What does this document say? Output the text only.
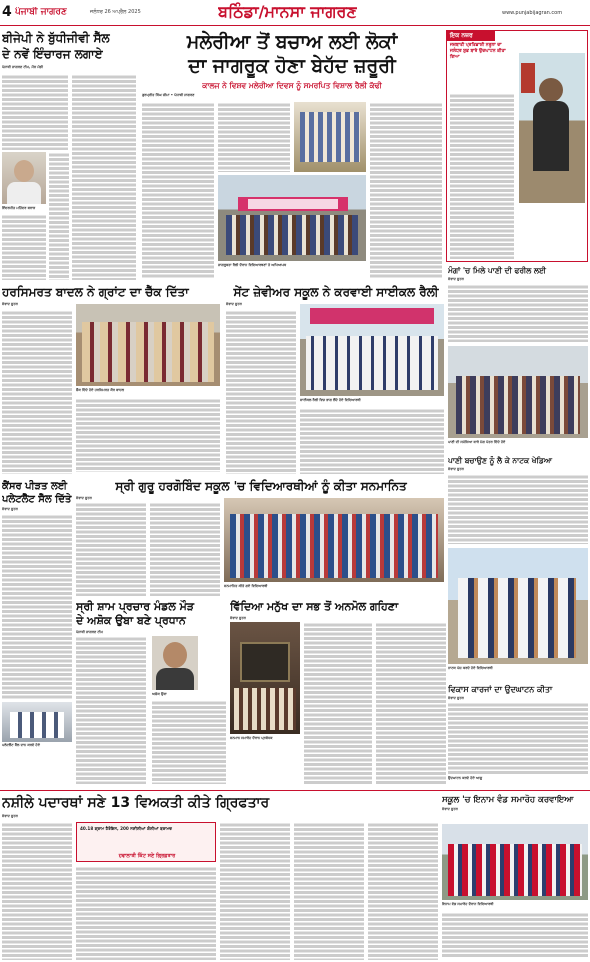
4 ਪੰਜਾਬੀ ਜਾਗਰਣ	ਜਲੰਧਰ 26 ਅਪ੍ਰੈਲ 2025	ਬਠਿੰਡਾ/ਮਾਨਸਾ ਜਾਗਰਣ	www.punjabijagran.com
ਬੀਜੇਪੀ ਨੇ ਬੁੱਧੀਜੀਵੀ ਸੈੱਲ
ਦੇ ਨਵੇਂ ਇੰਚਾਰਜ ਲਗਾਏ
ਪੰਜਾਬੀ ਜਾਗਰਣ ਟੀਮ, ਮੌੜ ਮੰਡੀ
ਇੰਦਰਜੀਤ ਮਹਿੰਦਰ ਬਰਾੜ
ਮਲੇਰੀਆ ਤੋਂ ਬਚਾਅ ਲਈ ਲੋਕਾਂ
ਦਾ ਜਾਗਰੂਕ ਹੋਣਾ ਬੇਹੱਦ ਜ਼ਰੂਰੀ
ਕਾਲਜ ਨੇ ਵਿਸ਼ਵ ਮਲੇਰੀਆ ਦਿਵਸ ਨੂੰ ਸਮਰਪਿਤ ਵਿਸ਼ਾਲ ਰੈਲੀ ਕੱਢੀ
ਗੁਰਪ੍ਰੀਤ ਸਿੰਘ ਚੀਮਾ • ਪੰਜਾਬੀ ਜਾਗਰਣ
ਜਾਗਰੂਕਤਾ ਰੈਲੀ ਦੌਰਾਨ ਵਿਦਿਆਰਥਣਾਂ ਤੇ ਅਧਿਆਪਕ
ਇਕ ਨਜ਼ਰ
ਜਜ਼ਬਾਤੀ ਪ੍ਰਤਿਭਾਸ਼ੀ ਨਰੂਲਾ ਦਾ ਜਲੰਧਰ ਸ਼ੁਭ ਬਾਰੇ ਉਦਘਾਟਨ ਕੀਤਾ ਗਿਆ
ਹਰਸਿਮਰਤ ਬਾਦਲ ਨੇ ਗ੍ਰਾਂਟ ਦਾ ਚੈੱਕ ਦਿੱਤਾ
ਸੰਵਾਦ ਸੂਤਰ
ਚੈੱਕ ਦਿੰਦੇ ਹੋਏ ਹਰਸਿਮਰਤ ਕੌਰ ਬਾਦਲ
ਸੇਂਟ ਜ਼ੇਵੀਅਰ ਸਕੂਲ ਨੇ ਕਰਵਾਈ ਸਾਈਕਲ ਰੈਲੀ
ਸੰਵਾਦ ਸੂਤਰ
ਸਾਈਕਲ ਰੈਲੀ ਵਿਚ ਭਾਗ ਲੈਂਦੇ ਹੋਏ ਵਿਦਿਆਰਥੀ
ਮੰਗਾਂ 'ਚ ਮਿਲੇ ਪਾਣੀ ਦੀ ਫਰੀਲ ਲਈ
ਸੰਵਾਦ ਸੂਤਰ
ਪਾਣੀ ਦੀ ਸਮੱਸਿਆ ਬਾਰੇ ਮੰਗ ਪੱਤਰ ਦਿੰਦੇ ਹੋਏ
ਕੈਂਸਰ ਪੀੜਤ ਲਈ
ਪਲੇਟਲੈੱਟ ਸੈੱਲ ਦਿੱਤੇ
ਸੰਵਾਦ ਸੂਤਰ
ਪਲੇਟਲੈੱਟ ਸੈੱਲ ਦਾਨ ਕਰਦੇ ਹੋਏ
ਸ੍ਰੀ ਗੁਰੂ ਹਰਗੋਬਿੰਦ ਸਕੂਲ 'ਚ ਵਿਦਿਆਰਥੀਆਂ ਨੂੰ ਕੀਤਾ ਸਨਮਾਨਿਤ
ਸੰਵਾਦ ਸੂਤਰ
ਸਨਮਾਨਿਤ ਕੀਤੇ ਗਏ ਵਿਦਿਆਰਥੀ
ਪਾਣੀ ਬਚਾਉਣ ਨੂੰ ਲੈ ਕੇ ਨਾਟਕ ਖੇਡਿਆ
ਸੰਵਾਦ ਸੂਤਰ
ਨਾਟਕ ਪੇਸ਼ ਕਰਦੇ ਹੋਏ ਵਿਦਿਆਰਥੀ
ਸ੍ਰੀ ਸ਼ਾਮ ਪ੍ਰਚਾਰ ਮੰਡਲ ਮੌੜ
ਦੇ ਅਸ਼ੋਕ ਉਬਾ ਬਣੇ ਪ੍ਰਧਾਨ
ਪੰਜਾਬੀ ਜਾਗਰਣ ਟੀਮ
ਅਸ਼ੋਕ ਉਬਾ
ਵਿੱਦਿਆ ਮਨੁੱਖ ਦਾ ਸਭ ਤੋਂ ਅਨਮੋਲ ਗਹਿਣਾ
ਸੰਵਾਦ ਸੂਤਰ
ਸਨਮਾਨ ਸਮਾਰੋਹ ਦੌਰਾਨ ਪ੍ਰਬੰਧਕ
ਵਿਕਾਸ ਕਾਰਜਾਂ ਦਾ ਉਦਘਾਟਨ ਕੀਤਾ
ਸੰਵਾਦ ਸੂਤਰ
ਉਦਘਾਟਨ ਕਰਦੇ ਹੋਏ ਆਗੂ
ਨਸ਼ੀਲੇ ਪਦਾਰਥਾਂ ਸਣੇ 13 ਵਿਅਕਤੀ ਕੀਤੇ ਗ੍ਰਿਫਤਾਰ
ਸੰਵਾਦ ਸੂਤਰ
40.18 ਗ੍ਰਾਮ ਹੈਰੋਇਨ, 200 ਨਸ਼ੀਲੀਆਂ ਗੋਲੀਆਂ ਬਰਾਮਦ
ਹਵਾਲਾਤੀ ਕਿੱਟ ਸਣੇ ਗ੍ਰਿਫ਼ਤਾਰ
ਸਕੂਲ 'ਚ ਇਨਾਮ ਵੰਡ ਸਮਾਰੋਹ ਕਰਵਾਇਆ
ਸੰਵਾਦ ਸੂਤਰ
ਇਨਾਮ ਵੰਡ ਸਮਾਰੋਹ ਦੌਰਾਨ ਵਿਦਿਆਰਥੀ
